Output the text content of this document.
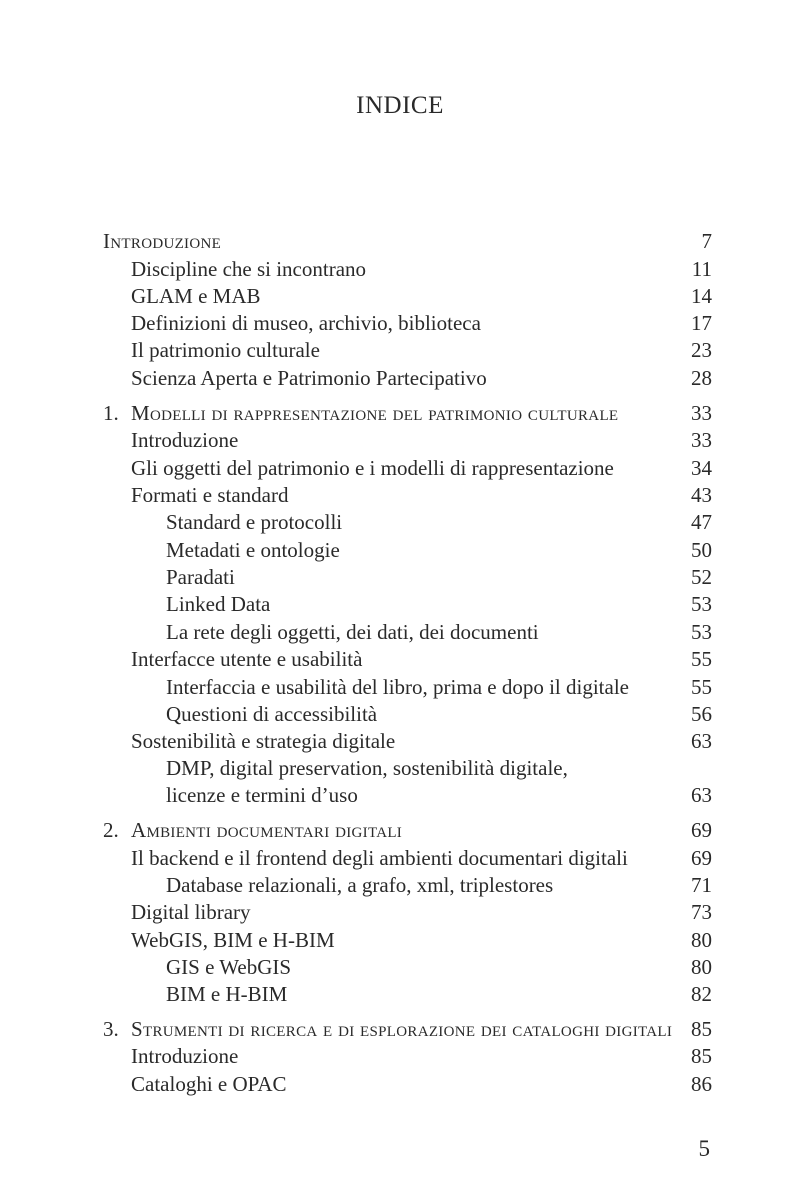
INDICE
Introduzione	7
Discipline che si incontrano	11
GLAM e MAB	14
Definizioni di museo, archivio, biblioteca	17
Il patrimonio culturale	23
Scienza Aperta e Patrimonio Partecipativo	28
1. Modelli di rappresentazione del patrimonio culturale	33
Introduzione	33
Gli oggetti del patrimonio e i modelli di rappresentazione	34
Formati e standard	43
Standard e protocolli	47
Metadati e ontologie	50
Paradati	52
Linked Data	53
La rete degli oggetti, dei dati, dei documenti	53
Interfacce utente e usabilità	55
Interfaccia e usabilità del libro, prima e dopo il digitale	55
Questioni di accessibilità	56
Sostenibilità e strategia digitale	63
DMP, digital preservation, sostenibilità digitale,
licenze e termini d’uso	63
2. Ambienti documentari digitali	69
Il backend e il frontend degli ambienti documentari digitali	69
Database relazionali, a grafo, xml, triplestores	71
Digital library	73
WebGIS, BIM e H-BIM	80
GIS e WebGIS	80
BIM e H-BIM	82
3. Strumenti di ricerca e di esplorazione dei cataloghi digitali 85
Introduzione	85
Cataloghi e OPAC	86
5
